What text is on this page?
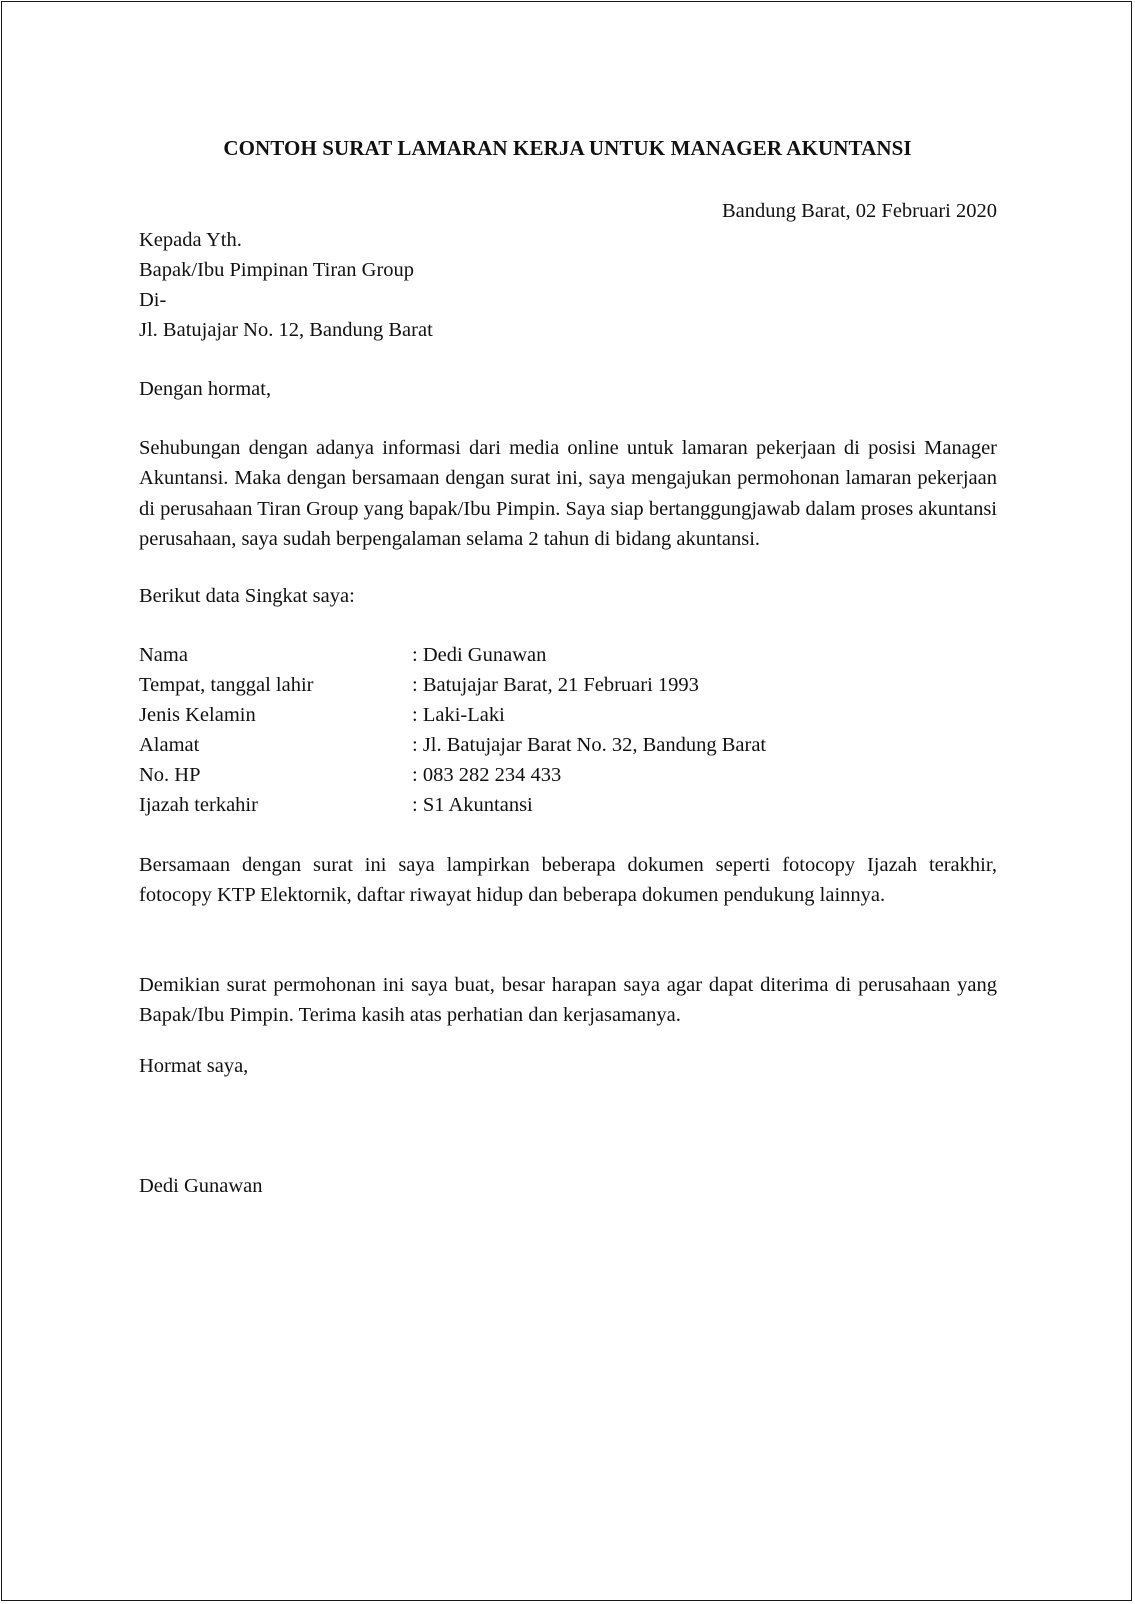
CONTOH SURAT LAMARAN KERJA UNTUK MANAGER AKUNTANSI
Bandung Barat, 02 Februari 2020
Kepada Yth.
Bapak/Ibu Pimpinan Tiran Group
Di-
Jl. Batujajar No. 12, Bandung Barat
Dengan hormat,
Sehubungan dengan adanya informasi dari media online untuk lamaran pekerjaan di posisi Manager Akuntansi. Maka dengan bersamaan dengan surat ini, saya mengajukan permohonan lamaran pekerjaan di perusahaan Tiran Group yang bapak/Ibu Pimpin. Saya siap bertanggungjawab dalam proses akuntansi perusahaan, saya sudah berpengalaman selama 2 tahun di bidang akuntansi.
Berikut data Singkat saya:
Nama	: Dedi Gunawan
Tempat, tanggal lahir	: Batujajar Barat, 21 Februari 1993
Jenis Kelamin	: Laki-Laki
Alamat	: Jl. Batujajar Barat No. 32, Bandung Barat
No. HP	: 083 282 234 433
Ijazah terkahir	: S1 Akuntansi
Bersamaan dengan surat ini saya lampirkan beberapa dokumen seperti fotocopy Ijazah terakhir, fotocopy KTP Elektornik, daftar riwayat hidup dan beberapa dokumen pendukung lainnya.
Demikian surat permohonan ini saya buat, besar harapan saya agar dapat diterima di perusahaan yang Bapak/Ibu Pimpin. Terima kasih atas perhatian dan kerjasamanya.
Hormat saya,
Dedi Gunawan
